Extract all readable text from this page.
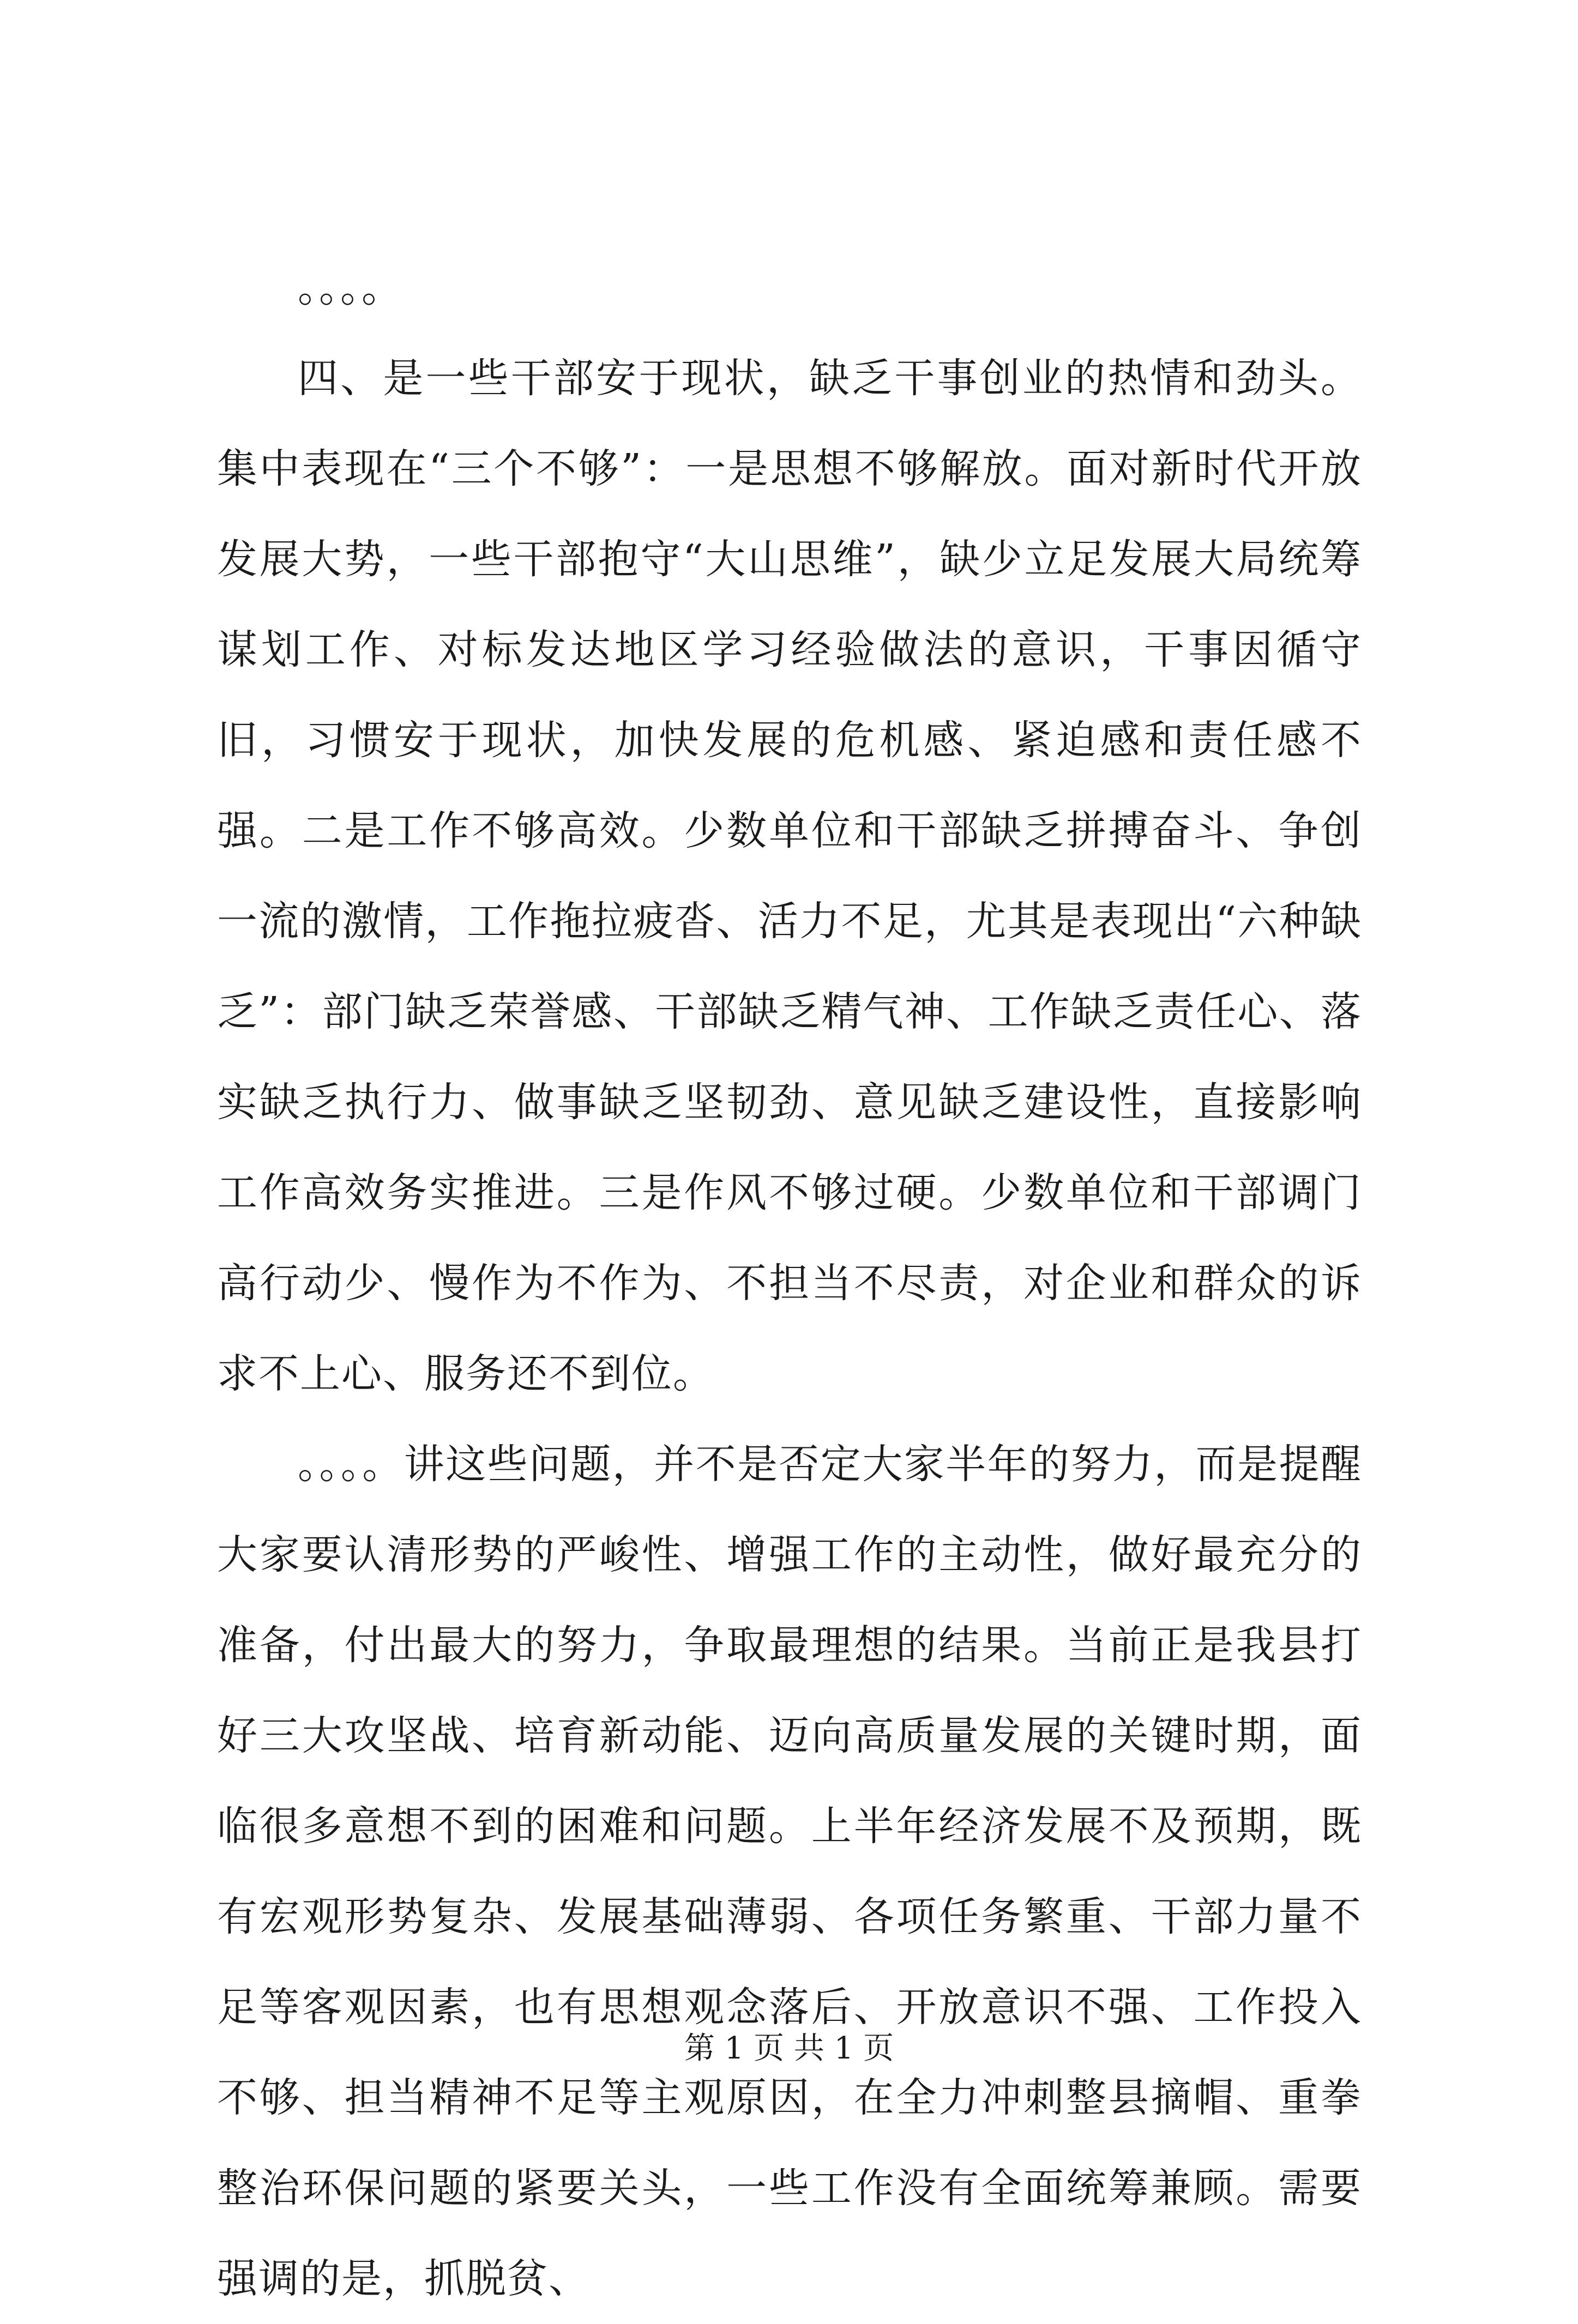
。。。。

四、是一些干部安于现状，缺乏干事创业的热情和劲头。集中表现在“三个不够”：一是思想不够解放。面对新时代开放发展大势，一些干部抱守“大山思维”，缺少立足发展大局统筹谋划工作、对标发达地区学习经验做法的意识，干事因循守旧，习惯安于现状，加快发展的危机感、紧迫感和责任感不强。二是工作不够高效。少数单位和干部缺乏拼搏奋斗、争创一流的激情，工作拖拉疲沓、活力不足，尤其是表现出“六种缺乏”：部门缺乏荣誉感、干部缺乏精气神、工作缺乏责任心、落实缺乏执行力、做事缺乏坚韧劲、意见缺乏建设性，直接影响工作高效务实推进。三是作风不够过硬。少数单位和干部调门高行动少、慢作为不作为、不担当不尽责，对企业和群众的诉求不上心、服务还不到位。

。。。。讲这些问题，并不是否定大家半年的努力，而是提醒大家要认清形势的严峻性、增强工作的主动性，做好最充分的准备，付出最大的努力，争取最理想的结果。当前正是我县打好三大攻坚战、培育新动能、迈向高质量发展的关键时期，面临很多意想不到的困难和问题。上半年经济发展不及预期，既有宏观形势复杂、发展基础薄弱、各项任务繁重、干部力量不足等客观因素，也有思想观念落后、开放意识不强、工作投入不够、担当精神不足等主观原因，在全力冲刺整县摘帽、重拳整治环保问题的紧要关头，一些工作没有全面统筹兼顾。需要强调的是，抓脱贫、

第 1 页 共 1 页
